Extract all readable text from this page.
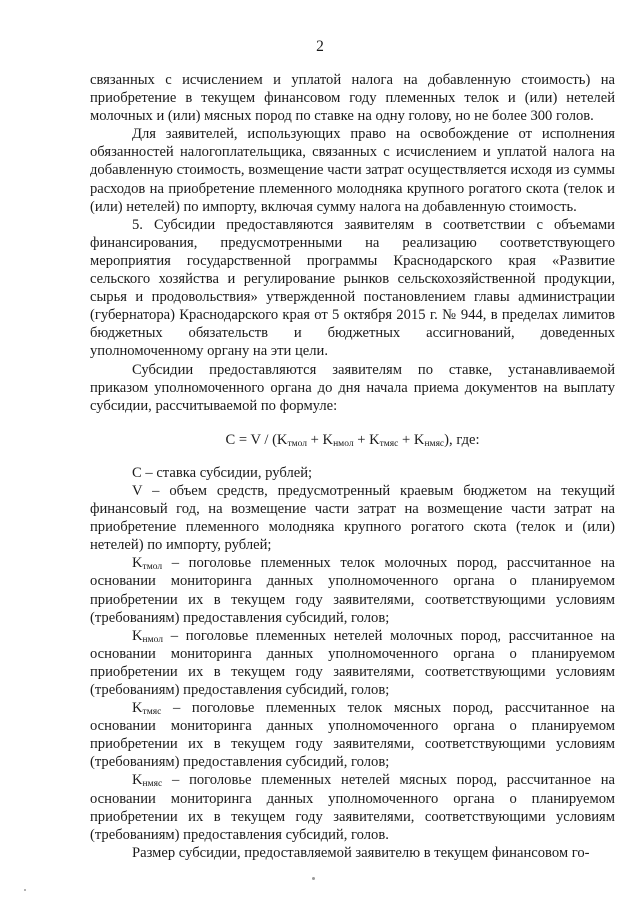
2

связанных с исчислением и уплатой налога на добавленную стоимость) на приобретение в текущем финансовом году племенных телок и (или) нетелей молочных и (или) мясных пород по ставке на одну голову, но не более 300 голов.

Для заявителей, использующих право на освобождение от исполнения обязанностей налогоплательщика, связанных с исчислением и уплатой налога на добавленную стоимость, возмещение части затрат осуществляется исходя из суммы расходов на приобретение племенного молодняка крупного рогатого скота (телок и (или) нетелей) по импорту, включая сумму налога на добавленную стоимость.

5. Субсидии предоставляются заявителям в соответствии с объемами финансирования, предусмотренными на реализацию соответствующего мероприятия государственной программы Краснодарского края «Развитие сельского хозяйства и регулирование рынков сельскохозяйственной продукции, сырья и продовольствия» утвержденной постановлением главы администрации (губернатора) Краснодарского края от 5 октября 2015 г. № 944, в пределах лимитов бюджетных обязательств и бюджетных ассигнований, доведенных уполномоченному органу на эти цели.

Субсидии предоставляются заявителям по ставке, устанавливаемой приказом уполномоченного органа до дня начала приема документов на выплату субсидии, рассчитываемой по формуле:

$C = V / (K_{тмол} + K_{нмол} + K_{тмяс} + K_{нмяс})$, где:

С – ставка субсидии, рублей;

V – объем средств, предусмотренный краевым бюджетом на текущий финансовый год, на возмещение части затрат на возмещение части затрат на приобретение племенного молодняка крупного рогатого скота (телок и (или) нетелей) по импорту, рублей;

$K_{тмол}$ – поголовье племенных телок молочных пород, рассчитанное на основании мониторинга данных уполномоченного органа о планируемом приобретении их в текущем году заявителями, соответствующими условиям (требованиям) предоставления субсидий, голов;

$K_{нмол}$ – поголовье племенных нетелей молочных пород, рассчитанное на основании мониторинга данных уполномоченного органа о планируемом приобретении их в текущем году заявителями, соответствующими условиям (требованиям) предоставления субсидий, голов;

$K_{тмяс}$ – поголовье племенных телок мясных пород, рассчитанное на основании мониторинга данных уполномоченного органа о планируемом приобретении их в текущем году заявителями, соответствующими условиям (требованиям) предоставления субсидий, голов;

$K_{нмяс}$ – поголовье племенных нетелей мясных пород, рассчитанное на основании мониторинга данных уполномоченного органа о планируемом приобретении их в текущем году заявителями, соответствующими условиям (требованиям) предоставления субсидий, голов.

Размер субсидии, предоставляемой заявителю в текущем финансовом го-
